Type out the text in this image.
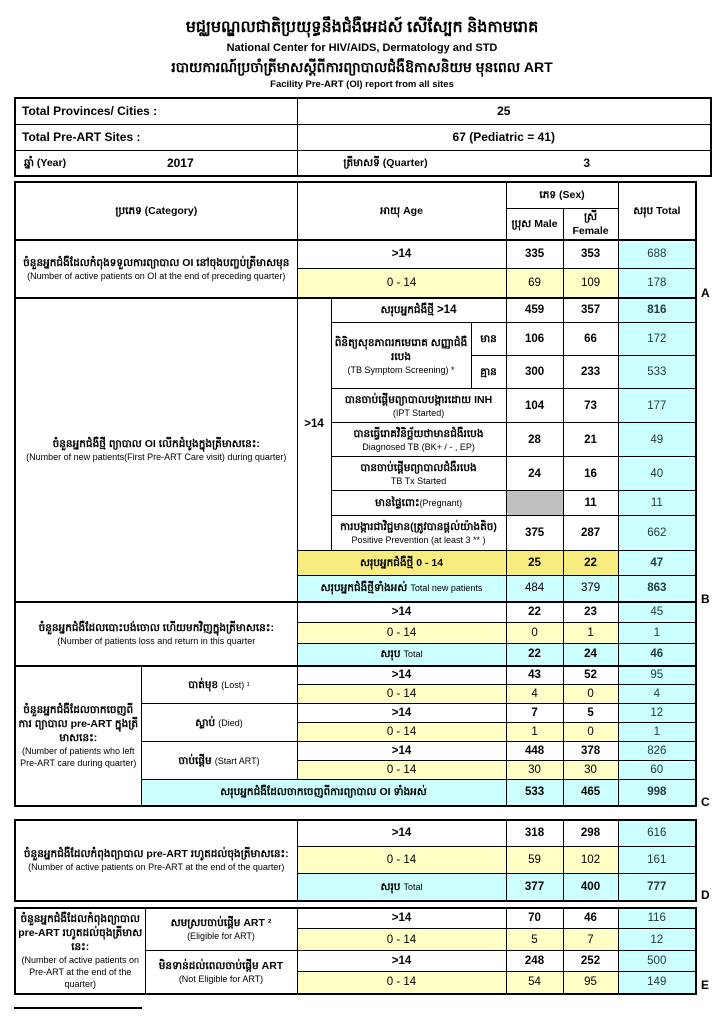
មជ្ឈមណ្ឌលជាតិប្រយុទ្ធនឹងជំងឺអេដស៍ សើស្បែក និងកាមរោគ
National Center for HIV/AIDS, Dermatology and STD
របាយការណ៍ប្រចាំត្រីមាសស្តីពីការព្យាបាលជំងឺឱកាសនិយម មុនពេល ART
Facility Pre-ART (OI) report from all sites
Total Provinces/ Cities :	25
Total Pre-ART Sites :	67 (Pediatric = 41)

ឆ្នាំ (Year) 2017	ត្រីមាសទី (Quarter) 3
ប្រភេទ (Category)		អាយុ Age			ភេទ (Sex)		សរុប Total
					ប្រុស Male	ស្រី Female	
ចំនួនអ្នកជំងឺដែលកំពុងទទួលការព្យាបាល OI នៅចុងបញ្ចប់ត្រីមាសមុន (Number of active patients on OI at the end of preceding quarter)		>14			335	353	688
		0 - 14			69	109	178

ចំនួនអ្នកជំងឺថ្មី ព្យាបាល OI លើកដំបូងក្នុងត្រីមាសនេះ:
(Number of new patients(First Pre-ART Care visit) during quarter)		>14	សរុបអ្នកជំងឺថ្មី >14		459	357	816

			ពិនិត្យសុខភាពរកមេរោគ សញ្ញាជំងឺរបេង
(TB Symptom Screening) *	មាន	106	66	172
				គ្មាន	300	233	533

			បានចាប់ផ្តើមព្យាបាលបង្ការដោយ INH
(IPT Started)		104	73	177

			បានធ្វើរោគវិនិច្ឆ័យថាមានជំងឺរបេង
Diagnosed TB (BK+ / - , EP)		28	21	49

			បានចាប់ផ្តើមព្យាបាលជំងឺរបេង
TB Tx Started		24	16	40
			មានផ្ទៃពោះ(Pregnant)			11	11

			ការបង្ការជាវិជ្ជមាន(ត្រូវបានផ្តល់យ៉ាងតិច)
Positive Prevention (at least 3 ** )		375	287	662
		សរុបអ្នកជំងឺថ្មី 0 - 14			25	22	47
		សរុបអ្នកជំងឺថ្មីទាំងអស់ Total new patients			484	379	863

ចំនួនអ្នកជំងឺដែលបោះបង់ចោល ហើយមកវិញក្នុងត្រីមាសនេះ:
(Number of patients loss and return in this quarter		>14			22	23	45
		0 - 14			0	1	1
		សរុប Total			22	24	46

ចំនួនអ្នកជំងឺដែលចាកចេញពីការ ព្យាបាល pre-ART ក្នុងត្រីមាសនេះ:
(Number of patients who left Pre-ART care during quarter)	បាត់មុខ (Lost) ¹	>14			43	52	95
		0 - 14			4	0	4
	ស្លាប់ (Died)	>14			7	5	12
		0 - 14			1	0	1
	ចាប់ផ្តើម (Start ART)	>14			448	378	826
		0 - 14			30	30	60
	សរុបអ្នកជំងឺដែលចាកចេញពីការព្យាបាល OI ទាំងអស់				533	465	998
ចំនួនអ្នកជំងឺដែលកំពុងព្យាបាល pre-ART រហូតដល់ចុងត្រីមាសនេះ:
(Number of active patients on Pre-ART at the end of the quarter)	>14	318	298	616
	0 - 14	59	102	161
	សរុប Total	377	400	777
ចំនួនអ្នកជំងឺដែលកំពុងព្យាបាល pre-ART រហូតដល់ចុងត្រីមាសនេះ:
(Number of active patients on Pre-ART at the end of the quarter)

សមស្របចាប់ផ្តើម ART ²
(Eligible for ART)
	>14	70	46	116
		0 - 14	5	7	12

	មិនទាន់ដល់ពេលចាប់ផ្តើម ART
(Not Eligible for ART)	>14	248	252	500
		0 - 14	54	95	149
A
B
C
D
E
